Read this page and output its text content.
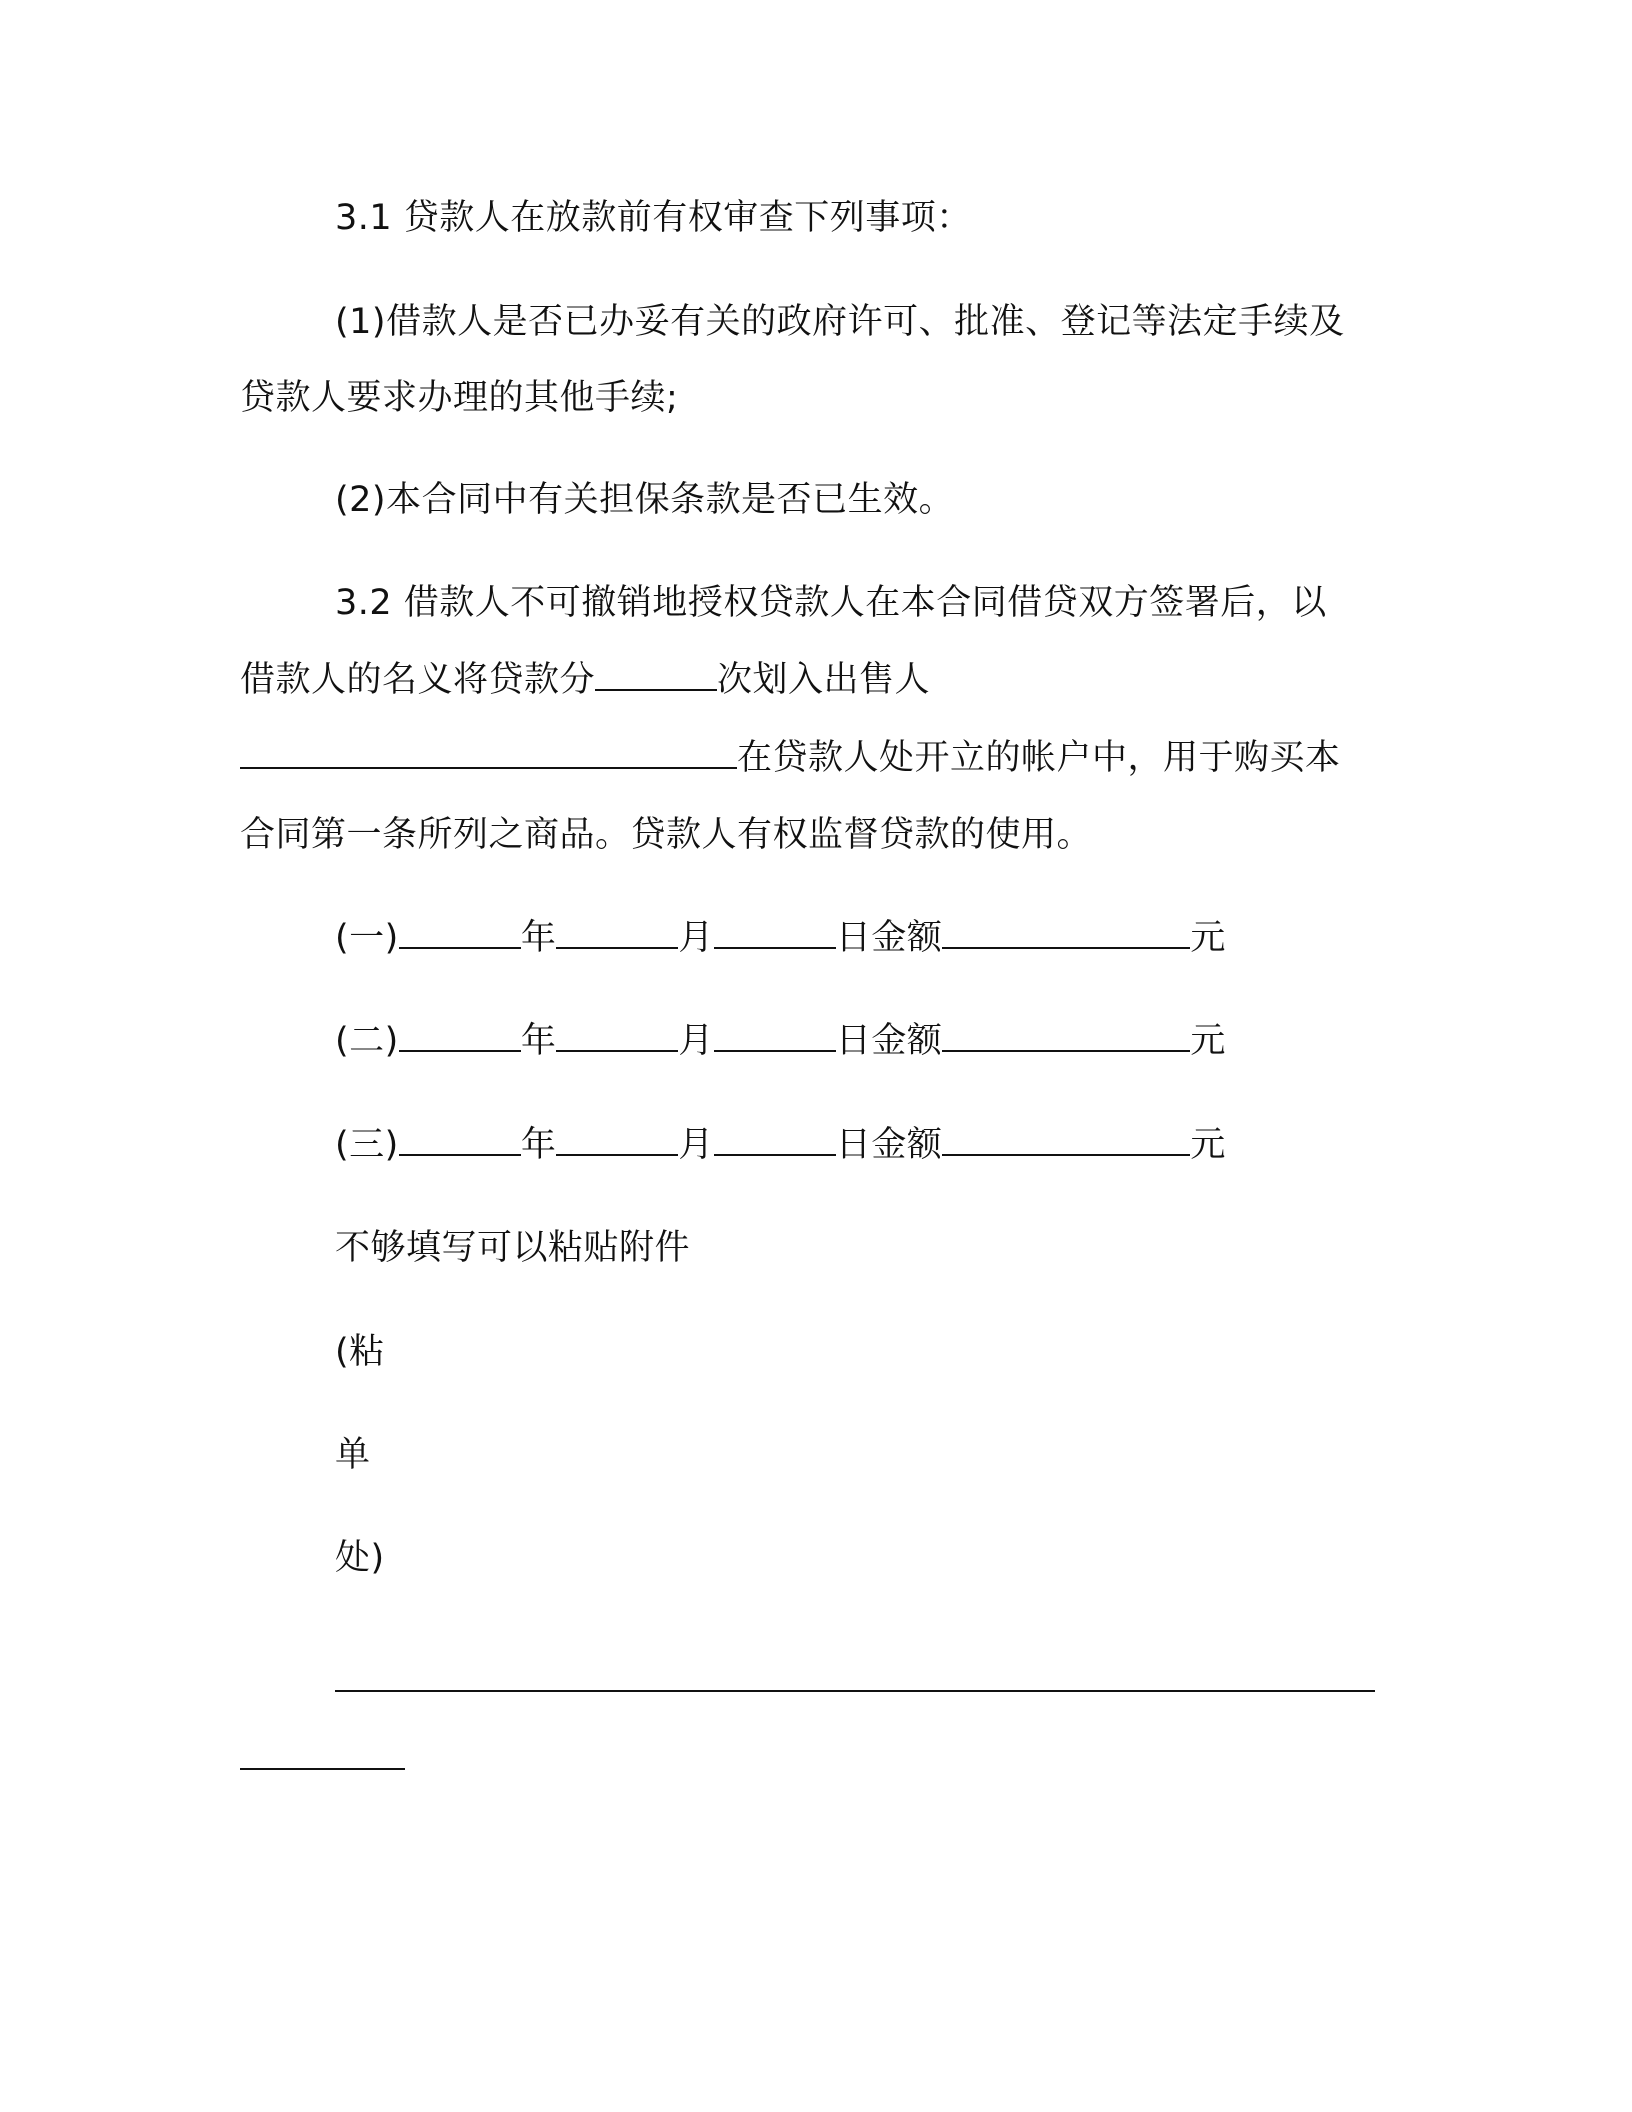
3.1 贷款人在放款前有权审查下列事项：
(1)借款人是否已办妥有关的政府许可、批准、登记等法定手续及
贷款人要求办理的其他手续;
(2)本合同中有关担保条款是否已生效。
3.2 借款人不可撤销地授权贷款人在本合同借贷双方签署后，以
借款人的名义将贷款分	次划入出售人
在贷款人处开立的帐户中，用于购买本
合同第一条所列之商品。贷款人有权监督贷款的使用。
(一)	年	月	日金额	元
(二)	年	月	日金额	元
(三)	年	月	日金额	元
不够填写可以粘贴附件
(粘
单
处)
